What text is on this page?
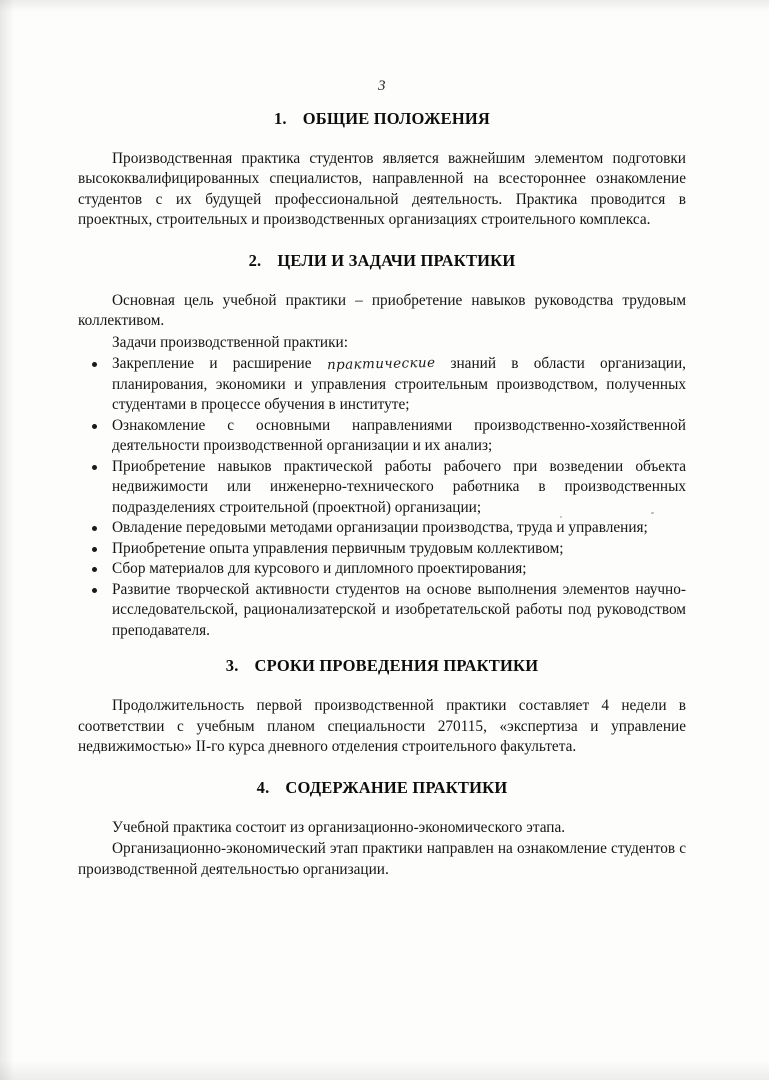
3
1. ОБЩИЕ ПОЛОЖЕНИЯ

Производственная практика студентов является важнейшим элементом подготовки высококвалифицированных специалистов, направленной на всестороннее ознакомление студентов с их будущей профессиональной деятельность. Практика проводится в проектных, строительных и производственных организациях строительного комплекса.

2. ЦЕЛИ И ЗАДАЧИ ПРАКТИКИ

Основная цель учебной практики – приобретение навыков руководства трудовым коллективом.

Задачи производственной практики:

Закрепление и расширение пракmические знаний в области организации, планирования, экономики и управления строительным производством, полученных студентами в процессе обучения в институте;
Ознакомление с основными направлениями производственно-хозяйственной деятельности производственной организации и их анализ;
Приобретение навыков практической работы рабочего при возведении объекта недвижимости или инженерно-технического работника в производственных подразделениях строительной (проектной) организации;
Овладение передовыми методами организации производства, труда и управления;
Приобретение опыта управления первичным трудовым коллективом;
Сбор материалов для курсового и дипломного проектирования;
Развитие творческой активности студентов на основе выполнения элементов научно-исследовательской, рационализатерской и изобретательской работы под руководством преподавателя.
3. СРОКИ ПРОВЕДЕНИЯ ПРАКТИКИ

Продолжительность первой производственной практики составляет 4 недели в соответствии с учебным планом специальности 270115, «экспертиза и управление недвижимостью» II-го курса дневного отделения строительного факультета.

4. СОДЕРЖАНИЕ ПРАКТИКИ

Учебной практика состоит из организационно-экономического этапа.

Организационно-экономический этап практики направлен на ознакомление студентов с производственной деятельностью организации.
